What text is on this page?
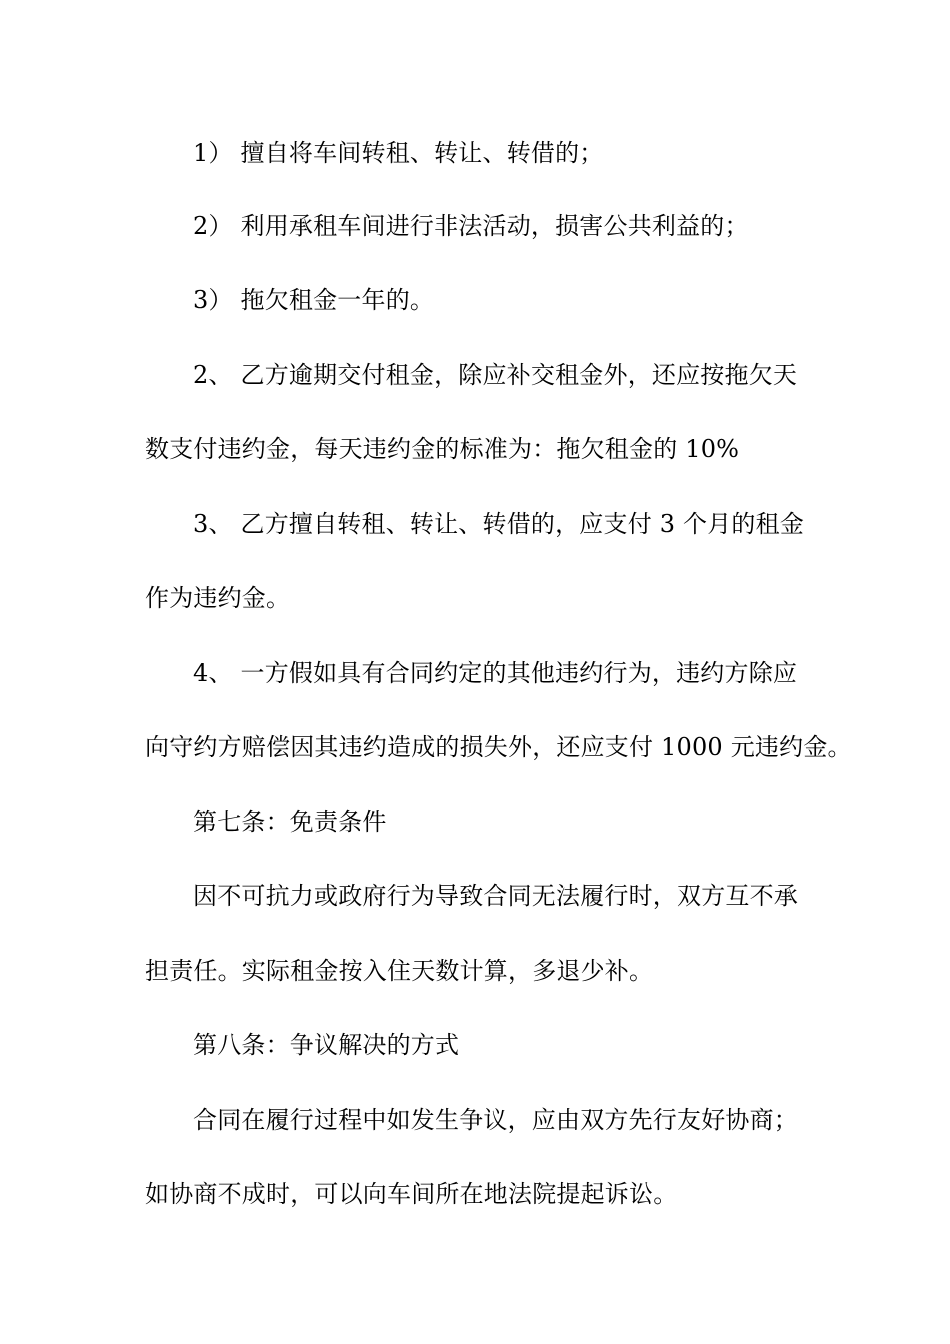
1） 擅自将车间转租、转让、转借的；
2） 利用承租车间进行非法活动，损害公共利益的；
3） 拖欠租金一年的。
2、 乙方逾期交付租金，除应补交租金外，还应按拖欠天
数支付违约金，每天违约金的标准为：拖欠租金的 10%
3、 乙方擅自转租、转让、转借的，应支付 3 个月的租金
作为违约金。
4、 一方假如具有合同约定的其他违约行为，违约方除应
向守约方赔偿因其违约造成的损失外，还应支付 1000 元违约金。
第七条：免责条件
因不可抗力或政府行为导致合同无法履行时，双方互不承
担责任。实际租金按入住天数计算，多退少补。
第八条：争议解决的方式
合同在履行过程中如发生争议，应由双方先行友好协商；
如协商不成时，可以向车间所在地法院提起诉讼。
